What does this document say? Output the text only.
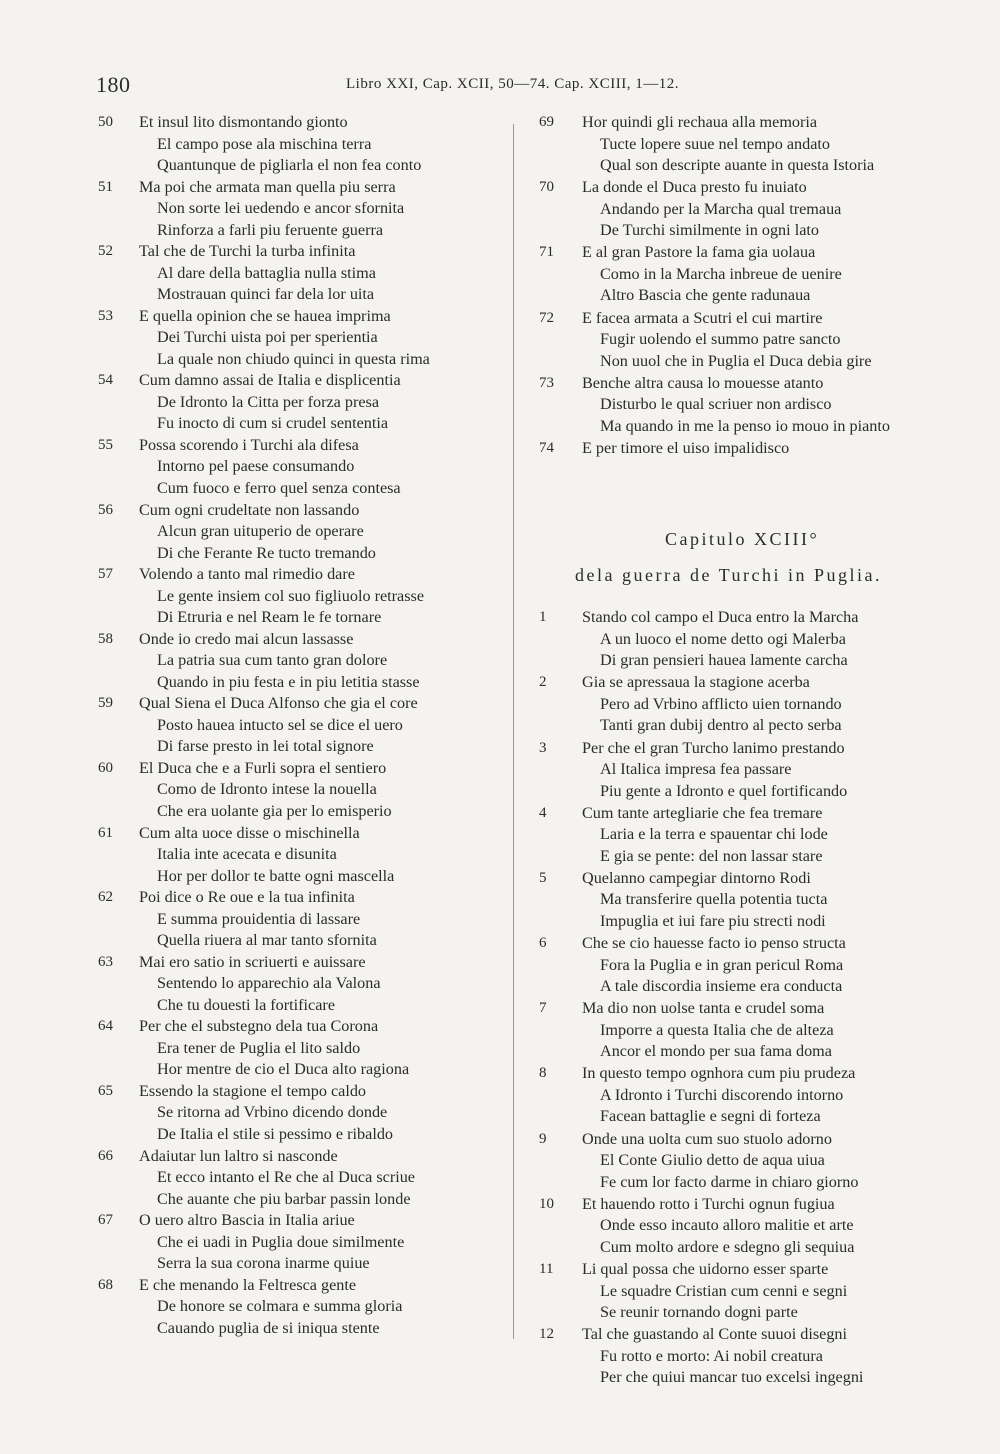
180	Libro XXI, Cap. XCII, 50—74. Cap. XCIII, 1—12.
50	Et insul lito dismontando gionto
El campo pose ala mischina terra
Quantunque de pigliarla el non fea conto
51	Ma poi che armata man quella piu serra
Non sorte lei uedendo e ancor sfornita
Rinforza a farli piu feruente guerra
52	Tal che de Turchi la turba infinita
Al dare della battaglia nulla stima
Mostrauan quinci far dela lor uita
53	E quella opinion che se hauea imprima
Dei Turchi uista poi per sperientia
La quale non chiudo quinci in questa rima
54	Cum damno assai de Italia e displicentia
De Idronto la Citta per forza presa
Fu inocto di cum si crudel sententia
55	Possa scorendo i Turchi ala difesa
Intorno pel paese consumando
Cum fuoco e ferro quel senza contesa
56	Cum ogni crudeltate non lassando
Alcun gran uituperio de operare
Di che Ferante Re tucto tremando
57	Volendo a tanto mal rimedio dare
Le gente insiem col suo figliuolo retrasse
Di Etruria e nel Ream le fe tornare
58	Onde io credo mai alcun lassasse
La patria sua cum tanto gran dolore
Quando in piu festa e in piu letitia stasse
59	Qual Siena el Duca Alfonso che gia el core
Posto hauea intucto sel se dice el uero
Di farse presto in lei total signore
60	El Duca che e a Furli sopra el sentiero
Como de Idronto intese la nouella
Che era uolante gia per lo emisperio
61	Cum alta uoce disse o mischinella
Italia inte acecata e disunita
Hor per dollor te batte ogni mascella
62	Poi dice o Re oue e la tua infinita
E summa prouidentia di lassare
Quella riuera al mar tanto sfornita
63	Mai ero satio in scriuerti e auissare
Sentendo lo apparechio ala Valona
Che tu douesti la fortificare
64	Per che el substegno dela tua Corona
Era tener de Puglia el lito saldo
Hor mentre de cio el Duca alto ragiona
65	Essendo la stagione el tempo caldo
Se ritorna ad Vrbino dicendo donde
De Italia el stile si pessimo e ribaldo
66	Adaiutar lun laltro si nasconde
Et ecco intanto el Re che al Duca scriue
Che auante che piu barbar passin londe
67	O uero altro Bascia in Italia ariue
Che ei uadi in Puglia doue similmente
Serra la sua corona inarme quiue
68	E che menando la Feltresca gente
De honore se colmara e summa gloria
Cauando puglia de si iniqua stente
69	Hor quindi gli rechaua alla memoria
Tucte lopere suue nel tempo andato
Qual son descripte auante in questa Istoria
70	La donde el Duca presto fu inuiato
Andando per la Marcha qual tremaua
De Turchi similmente in ogni lato
71	E al gran Pastore la fama gia uolaua
Como in la Marcha inbreue de uenire
Altro Bascia che gente radunaua
72	E facea armata a Scutri el cui martire
Fugir uolendo el summo patre sancto
Non uuol che in Puglia el Duca debia gire
73	Benche altra causa lo mouesse atanto
Disturbo le qual scriuer non ardisco
Ma quando in me la penso io mouo in pianto
74	E per timore el uiso impalidisco
Capitulo XCIII°
dela guerra de Turchi in Puglia.
1	Stando col campo el Duca entro la Marcha
A un luoco el nome detto ogi Malerba
Di gran pensieri hauea lamente carcha
2	Gia se apressaua la stagione acerba
Pero ad Vrbino afflicto uien tornando
Tanti gran dubij dentro al pecto serba
3	Per che el gran Turcho lanimo prestando
Al Italica impresa fea passare
Piu gente a Idronto e quel fortificando
4	Cum tante artegliarie che fea tremare
Laria e la terra e spauentar chi lode
E gia se pente: del non lassar stare
5	Quelanno campegiar dintorno Rodi
Ma transferire quella potentia tucta
Impuglia et iui fare piu strecti nodi
6	Che se cio hauesse facto io penso structa
Fora la Puglia e in gran pericul Roma
A tale discordia insieme era conducta
7	Ma dio non uolse tanta e crudel soma
Imporre a questa Italia che de alteza
Ancor el mondo per sua fama doma
8	In questo tempo ognhora cum piu prudeza
A Idronto i Turchi discorendo intorno
Facean battaglie e segni di forteza
9	Onde una uolta cum suo stuolo adorno
El Conte Giulio detto de aqua uiua
Fe cum lor facto darme in chiaro giorno
10	Et hauendo rotto i Turchi ognun fugiua
Onde esso incauto alloro malitie et arte
Cum molto ardore e sdegno gli sequiua
11	Li qual possa che uidorno esser sparte
Le squadre Cristian cum cenni e segni
Se reunir tornando dogni parte
12	Tal che guastando al Conte suuoi disegni
Fu rotto e morto: Ai nobil creatura
Per che quiui mancar tuo excelsi ingegni
